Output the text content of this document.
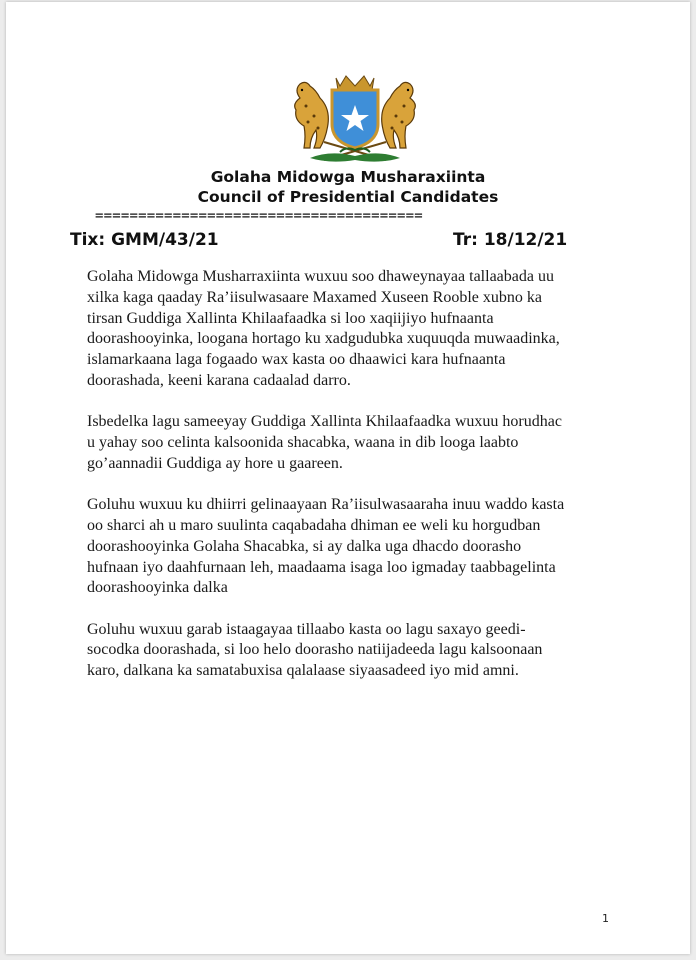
Golaha Midowga Musharaxiinta
Council of Presidential Candidates
======================================
Tix: GMM/43/21	Tr: 18/12/21

Golaha Midowga Musharraxiinta wuxuu soo dhaweynayaa tallaabada uu
xilka kaga qaaday Ra’iisulwasaare Maxamed Xuseen Rooble xubno ka
tirsan Guddiga Xallinta Khilaafaadka si loo xaqiijiyo hufnaanta
doorashooyinka, loogana hortago ku xadgudubka xuquuqda muwaadinka,
islamarkaana laga fogaado wax kasta oo dhaawici kara hufnaanta
doorashada, keeni karana cadaalad darro.

Isbedelka lagu sameeyay Guddiga Xallinta Khilaafaadka wuxuu horudhac
u yahay soo celinta kalsoonida shacabka, waana in dib looga laabto
go’aannadii Guddiga ay hore u gaareen.

Goluhu wuxuu ku dhiirri gelinaayaan Ra’iisulwasaaraha inuu waddo kasta
oo sharci ah u maro suulinta caqabadaha dhiman ee weli ku horgudban
doorashooyinka Golaha Shacabka, si ay dalka uga dhacdo doorasho
hufnaan iyo daahfurnaan leh, maadaama isaga loo igmaday taabbagelinta
doorashooyinka dalka

Goluhu wuxuu garab istaagayaa tillaabo kasta oo lagu saxayo geedi-
socodka doorashada, si loo helo doorasho natiijadeeda lagu kalsoonaan
karo, dalkana ka samatabuxisa qalalaase siyaasadeed iyo mid amni.

1
